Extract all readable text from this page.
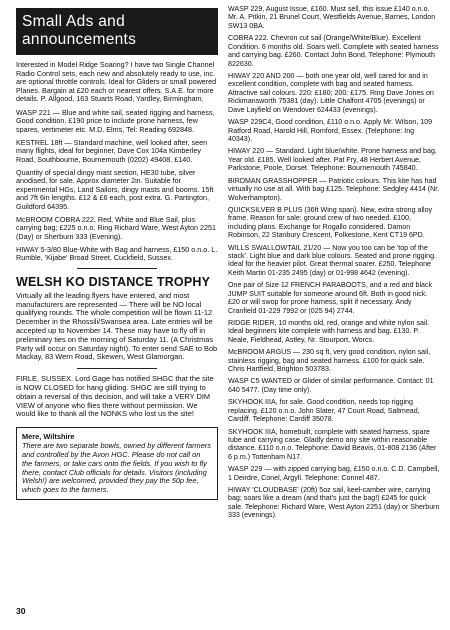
Small Ads and
announcements

Interested in Model Ridge Soaring? I have two Single Channel Radio Control sets, each new and absolutely ready to use, inc. are optional throttle controls. Ideal for Gliders or small powered Planes. Bargain at £20 each or nearest offers. S.A.E. for more details. P. Allgood, 163 Stuarts Road, Yardley, Birmingham.

WASP 221 — Blue and white sail, seated rigging and harness, Good condition. £190 price to include prone harness, few spares, vertimeter etc. M.D. Elms, Tel: Reading 692848.

KESTREL 18ft — Standard machine, well looked after, seen many flights, ideal for beginner, Dave Cox 104a Kimberley Road, Southbourne, Bournemouth (0202) 49408. £140.

Quantity of special dingy mast section, HE30 tube, silver anodised, for sale. Approx diameter 2in. Suitable for experimental HGs, Land Sailors, dingy masts and booms. 15ft and 7ft 6in lengths. £12 & £6 each, post extra. G. Partington, Guildford 64395.

McBROOM COBRA 222, Red, White and Blue Sail, plus carrying bag; £225 o.n.o. Ring Richard Ware, West Ayton 2251 (Day) or Sherburn 333 (Evening).

HIWAY 5-3/80 Blue-White with Bag and harness, £150 o.n.o. L. Rumble, 'Kijabe' Broad Street, Cuckfield, Sussex.

WELSH KO DISTANCE TROPHY

Virtually all the leading flyers have entered, and most manufacturers are represented — There will be NO local qualifying rounds. The whole competition will be flown 11-12 December in the Rhossili/Swansea area. Late entries will be accepted up to November 14. These may have to fly off in preliminary ties on the morning of Saturday 11. (A Christmas Party will occur on Saturday night). To enter send SAE to Bob Mackay, 83 Wern Road, Skewen, West Glamorgan.

FIRLE, SUSSEX. Lord Gage has notified SHGC that the site is NOW CLOSED for hang gliding. SHGC are still trying to obtain a reversal of this decision, and will take a VERY DIM VIEW of anyone who flies there without permission. We would like to thank all the NONKS who lost us the site!

Mere, Wiltshire
There are two separate bowls, owned by different farmers and controlled by the Avon HGC. Please do not call on the farmers, or take cars onto the fields. If you wish to fly there, contact Club officials for details. Visitors (including Welsh!) are welcomed, provided they pay the 50p fee, which goes to the farmers.

WASP 229, August Issue, £160. Must sell, this issue £140 o.n.o. Mr. A. Pitkin, 21 Brunel Court, Westfields Avenue, Barnes, London SW13 0BA.

COBRA 222. Chevron cut sail (Orange/White/Blue). Excellent Condition. 6 months old. Soars well. Complete with seated harness and carrying bag. £260. Contact John Bond, Telephone: Plymouth 822630.

HIWAY 220 AND 200 — both one year old, well cared for and in excellent condition, complete with bag and seated harness. Attractive sail colours. 220: £180; 200: £175. Ring Dave Jones on Rickmansworth 75381 (day). Little Chalfont 4705 (evenings) or Dave Layfield on Wendover 624433 (evenings).

WASP 229C4, Good condition, £110 o.n.o. Apply Mr. Wilson, 109 Ratford Road, Harold Hill, Romford, Essex. (Telephone: Ing 40343).

HIWAY 220 — Standard. Light blue/white. Prone harness and bag. Year old. £185. Well looked after. Pat Fry, 48 Herbert Avenue, Parkstone, Poole, Dorset. Telephone: Bournemouth 745840.

BIRDMAN GRASSHOPPER — Patriotic colours. This kite has had virtually no use at all. With bag £125. Telephone: Sedgley 4414 (Nr. Wolverhampton).

QUICKSILVER B PLUS (36ft Wing span). New, extra strong alloy frame. Reason for sale: ground crew of two needed. £100, including plans. Exchange for Rogallo considered. Damon Robinson, 22 Stanbury Crescent, Folkestone, Kent CT19 6PD.

WILLS SWALLOWTAIL 21/20 — Now you too can be 'top of the stack'. Light blue and dark blue colours. Seated and prone rigging. Ideal for the heavier pilot. Great thermal soarer. £250. Telephone Keith Martin 01-235 2495 (day) or 01-998 4642 (evening).

One pair of Size 12 FRENCH PARABOOTS, and a red and black JUMP SUIT suitable for someone around 6ft. Both in good nick. £20 or will swop for prone harness, split if necessary. Andy Cranfield 01-229 7992 or (025 94) 2744.

RIDGE RIDER, 10 months old, red, orange and white nylon sail. Ideal beginners kite complete with harness and bag. £130. P. Neale, Fieldhead, Astley, Nr. Stourport, Worcs.

McBROOM ARGUS — 230 sq ft, very good condition, nylon sail, stainless rigging, bag and seated harness. £100 for quick sale. Chris Hartfield, Brighton 503783.

WASP C5 WANTED or Glider of similar performance. Contact: 01 640 5477. (Day time only).

SKYHOOK IIIA, for sale. Good condition, needs top rigging replacing. £120 o.n.o. John Slater, 47 Court Road, Saltmead, Cardiff. Telephone: Cardiff 35078.

SKYHOOK IIIA, homebuilt, complete with seated harness, spare tube and carrying case. Gladly demo any site within reasonable distance. £110 o.n.o. Telephone: David Beavis, 01-808 2136 (After 6 p.m.) Tottenham N17.

WASP 229 — with zipped carrying bag, £150 o.n.o. C.D. Campbell, 1 Deirdre, Conel, Argyll. Telephone: Connel 487.

HIWAY 'CLOUDBASE' (20ft) 5oz sail, keel-camber wire, carrying bag; soars like a dream (and that's just the bag!) £245 for quick sale. Telephone: Richard Ware, West Ayton 2251 (day) or Sherburn 333 (evenings).

30
